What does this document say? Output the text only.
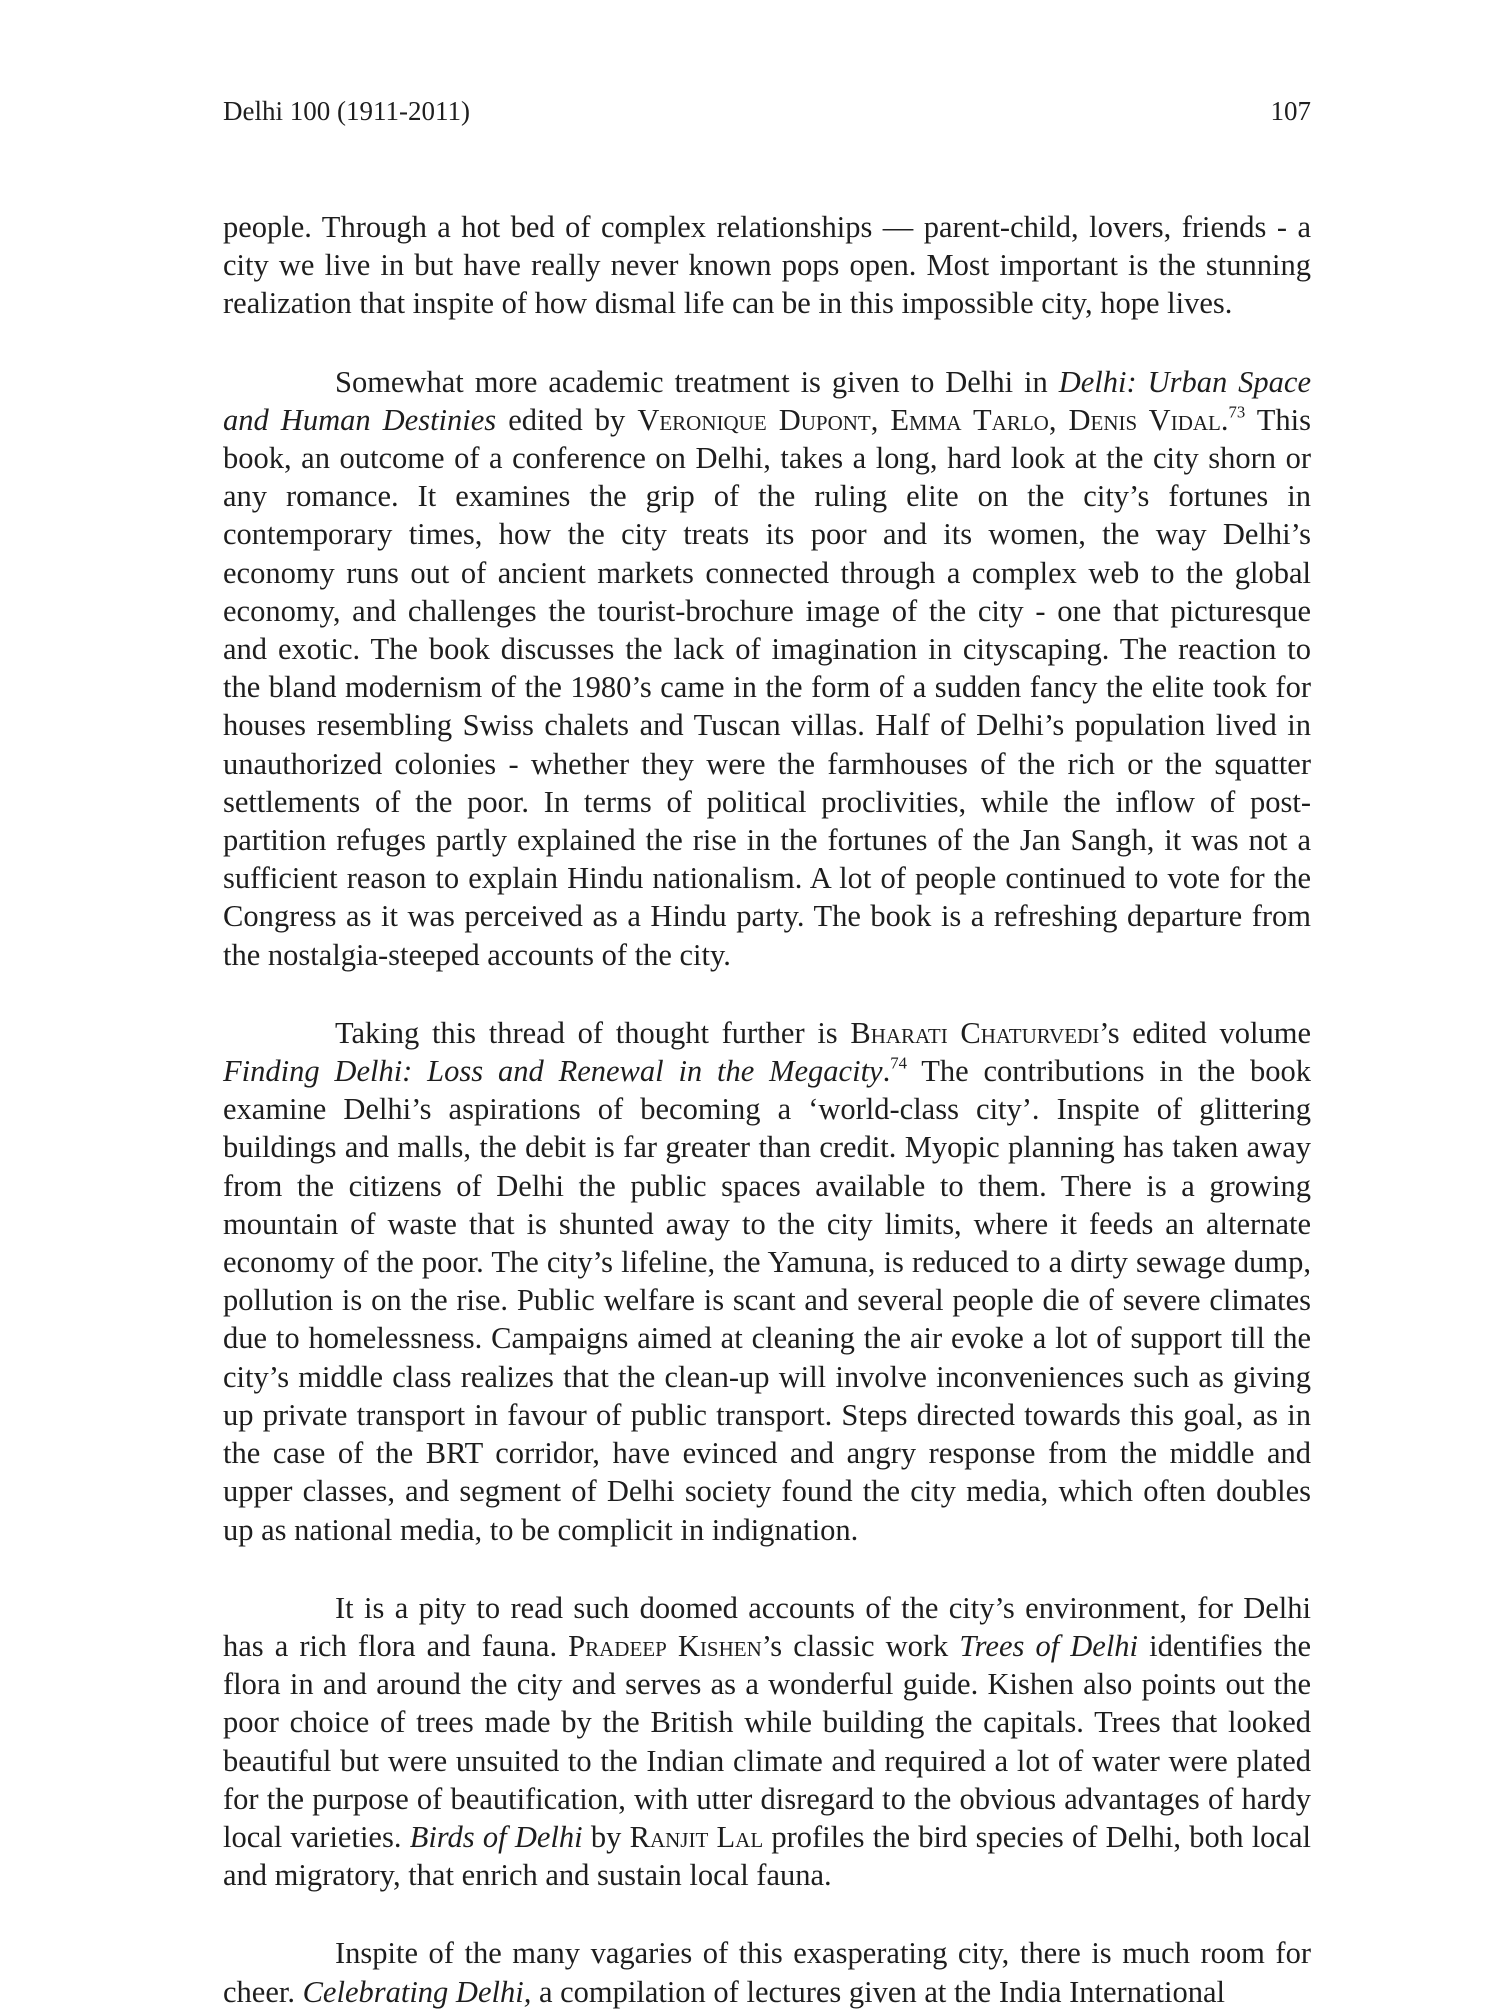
Delhi 100 (1911-2011)	107

people. Through a hot bed of complex relationships — parent-child, lovers, friends - a city we live in but have really never known pops open. Most important is the stunning realization that inspite of how dismal life can be in this impossible city, hope lives.

Somewhat more academic treatment is given to Delhi in Delhi: Urban Space and Human Destinies edited by Veronique Dupont, Emma Tarlo, Denis Vidal.$^{73}$ This book, an outcome of a conference on Delhi, takes a long, hard look at the city shorn or any romance. It examines the grip of the ruling elite on the city’s fortunes in contemporary times, how the city treats its poor and its women, the way Delhi’s economy runs out of ancient markets connected through a complex web to the global economy, and challenges the tourist-brochure image of the city - one that picturesque and exotic. The book discusses the lack of imagination in cityscaping. The reaction to the bland modernism of the 1980’s came in the form of a sudden fancy the elite took for houses resembling Swiss chalets and Tuscan villas. Half of Delhi’s population lived in unauthorized colonies - whether they were the farmhouses of the rich or the squatter settlements of the poor. In terms of political proclivities, while the inflow of post-partition refuges partly explained the rise in the fortunes of the Jan Sangh, it was not a sufficient reason to explain Hindu nationalism. A lot of people continued to vote for the Congress as it was perceived as a Hindu party. The book is a refreshing departure from the nostalgia-steeped accounts of the city.

Taking this thread of thought further is Bharati Chaturvedi’s edited volume Finding Delhi: Loss and Renewal in the Megacity.$^{74}$ The contributions in the book examine Delhi’s aspirations of becoming a ‘world-class city’. Inspite of glittering buildings and malls, the debit is far greater than credit. Myopic planning has taken away from the citizens of Delhi the public spaces available to them. There is a growing mountain of waste that is shunted away to the city limits, where it feeds an alternate economy of the poor. The city’s lifeline, the Yamuna, is reduced to a dirty sewage dump, pollution is on the rise. Public welfare is scant and several people die of severe climates due to homelessness. Campaigns aimed at cleaning the air evoke a lot of support till the city’s middle class realizes that the clean-up will involve inconveniences such as giving up private transport in favour of public transport. Steps directed towards this goal, as in the case of the BRT corridor, have evinced and angry response from the middle and upper classes, and segment of Delhi society found the city media, which often doubles up as national media, to be complicit in indignation.

It is a pity to read such doomed accounts of the city’s environment, for Delhi has a rich flora and fauna. Pradeep Kishen’s classic work Trees of Delhi identifies the flora in and around the city and serves as a wonderful guide. Kishen also points out the poor choice of trees made by the British while building the capitals. Trees that looked beautiful but were unsuited to the Indian climate and required a lot of water were plated for the purpose of beautification, with utter disregard to the obvious advantages of hardy local varieties. Birds of Delhi by Ranjit Lal profiles the bird species of Delhi, both local and migratory, that enrich and sustain local fauna.

Inspite of the many vagaries of this exasperating city, there is much room for cheer. Celebrating Delhi, a compilation of lectures given at the India International
